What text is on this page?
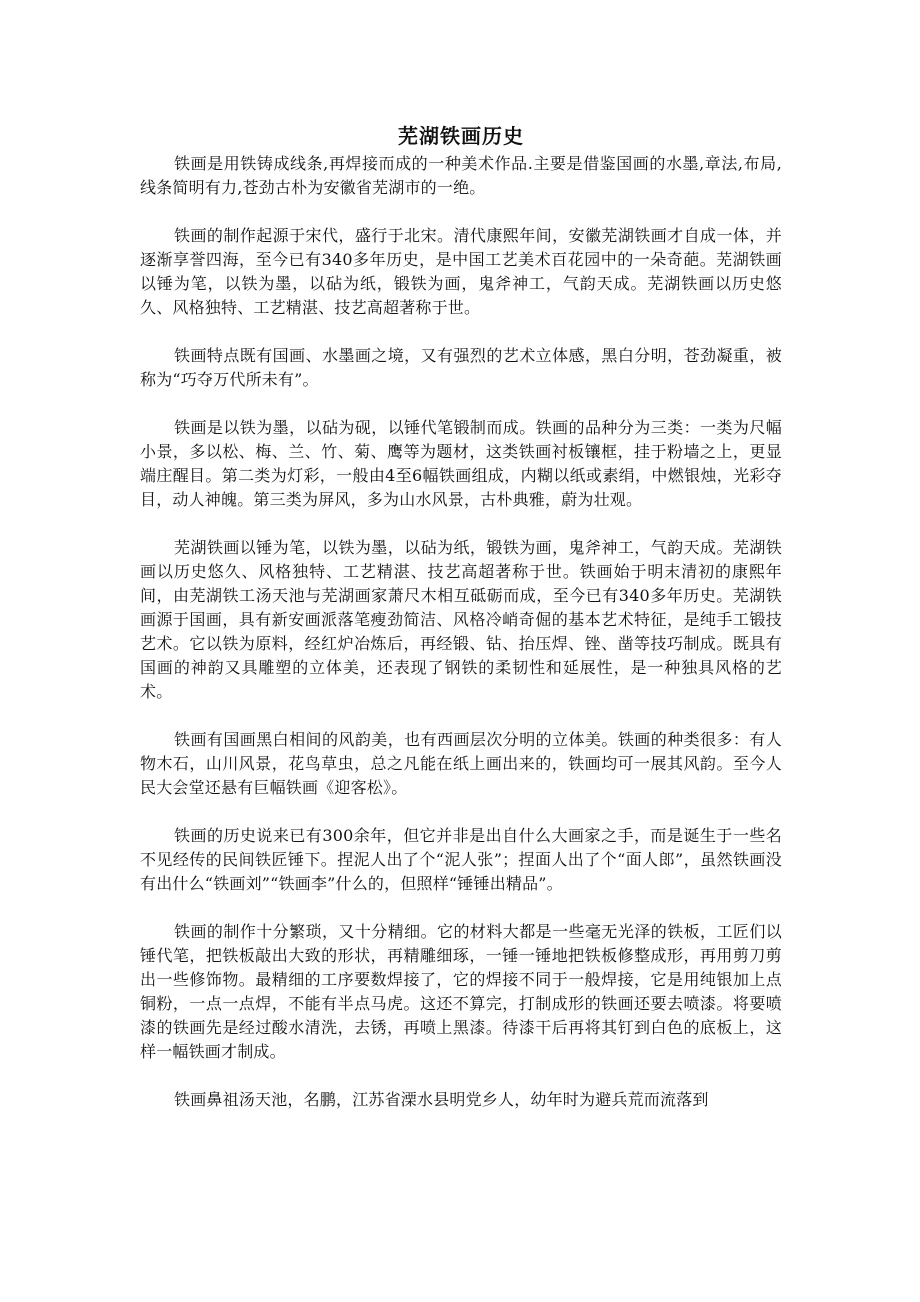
芜湖铁画历史

铁画是用铁铸成线条,再焊接而成的一种美术作品.主要是借鉴国画的水墨,章法,布局,线条简明有力,苍劲古朴为安徽省芜湖市的一绝。

铁画的制作起源于宋代，盛行于北宋。清代康熙年间，安徽芜湖铁画才自成一体，并逐渐享誉四海，至今已有340多年历史，是中国工艺美术百花园中的一朵奇葩。芜湖铁画以锤为笔，以铁为墨，以砧为纸，锻铁为画，鬼斧神工，气韵天成。芜湖铁画以历史悠久、风格独特、工艺精湛、技艺高超著称于世。

铁画特点既有国画、水墨画之境，又有强烈的艺术立体感，黑白分明，苍劲凝重，被称为“巧夺万代所未有”。

铁画是以铁为墨，以砧为砚，以锤代笔锻制而成。铁画的品种分为三类：一类为尺幅小景，多以松、梅、兰、竹、菊、鹰等为题材，这类铁画衬板镶框，挂于粉墙之上，更显端庄醒目。第二类为灯彩，一般由4至6幅铁画组成，内糊以纸或素绢，中燃银烛，光彩夺目，动人神魄。第三类为屏风，多为山水风景，古朴典雅，蔚为壮观。

芜湖铁画以锤为笔，以铁为墨，以砧为纸，锻铁为画，鬼斧神工，气韵天成。芜湖铁画以历史悠久、风格独特、工艺精湛、技艺高超著称于世。铁画始于明末清初的康熙年间，由芜湖铁工汤天池与芜湖画家萧尺木相互砥砺而成，至今已有340多年历史。芜湖铁画源于国画，具有新安画派落笔瘦劲简洁、风格冷峭奇倔的基本艺术特征，是纯手工锻技艺术。它以铁为原料，经红炉冶炼后，再经锻、钻、抬压焊、锉、凿等技巧制成。既具有国画的神韵又具雕塑的立体美，还表现了钢铁的柔韧性和延展性，是一种独具风格的艺术。

铁画有国画黑白相间的风韵美，也有西画层次分明的立体美。铁画的种类很多：有人物木石，山川风景，花鸟草虫，总之凡能在纸上画出来的，铁画均可一展其风韵。至今人民大会堂还悬有巨幅铁画《迎客松》。

铁画的历史说来已有300余年，但它并非是出自什么大画家之手，而是诞生于一些名不见经传的民间铁匠锤下。捏泥人出了个“泥人张”；捏面人出了个“面人郎”，虽然铁画没有出什么“铁画刘”“铁画李”什么的，但照样“锤锤出精品”。

铁画的制作十分繁琐，又十分精细。它的材料大都是一些毫无光泽的铁板，工匠们以锤代笔，把铁板敲出大致的形状，再精雕细琢，一锤一锤地把铁板修整成形，再用剪刀剪出一些修饰物。最精细的工序要数焊接了，它的焊接不同于一般焊接，它是用纯银加上点铜粉，一点一点焊，不能有半点马虎。这还不算完，打制成形的铁画还要去喷漆。将要喷漆的铁画先是经过酸水清洗，去锈，再喷上黑漆。待漆干后再将其钉到白色的底板上，这样一幅铁画才制成。

铁画鼻祖汤天池，名鹏，江苏省溧水县明党乡人，幼年时为避兵荒而流落到
